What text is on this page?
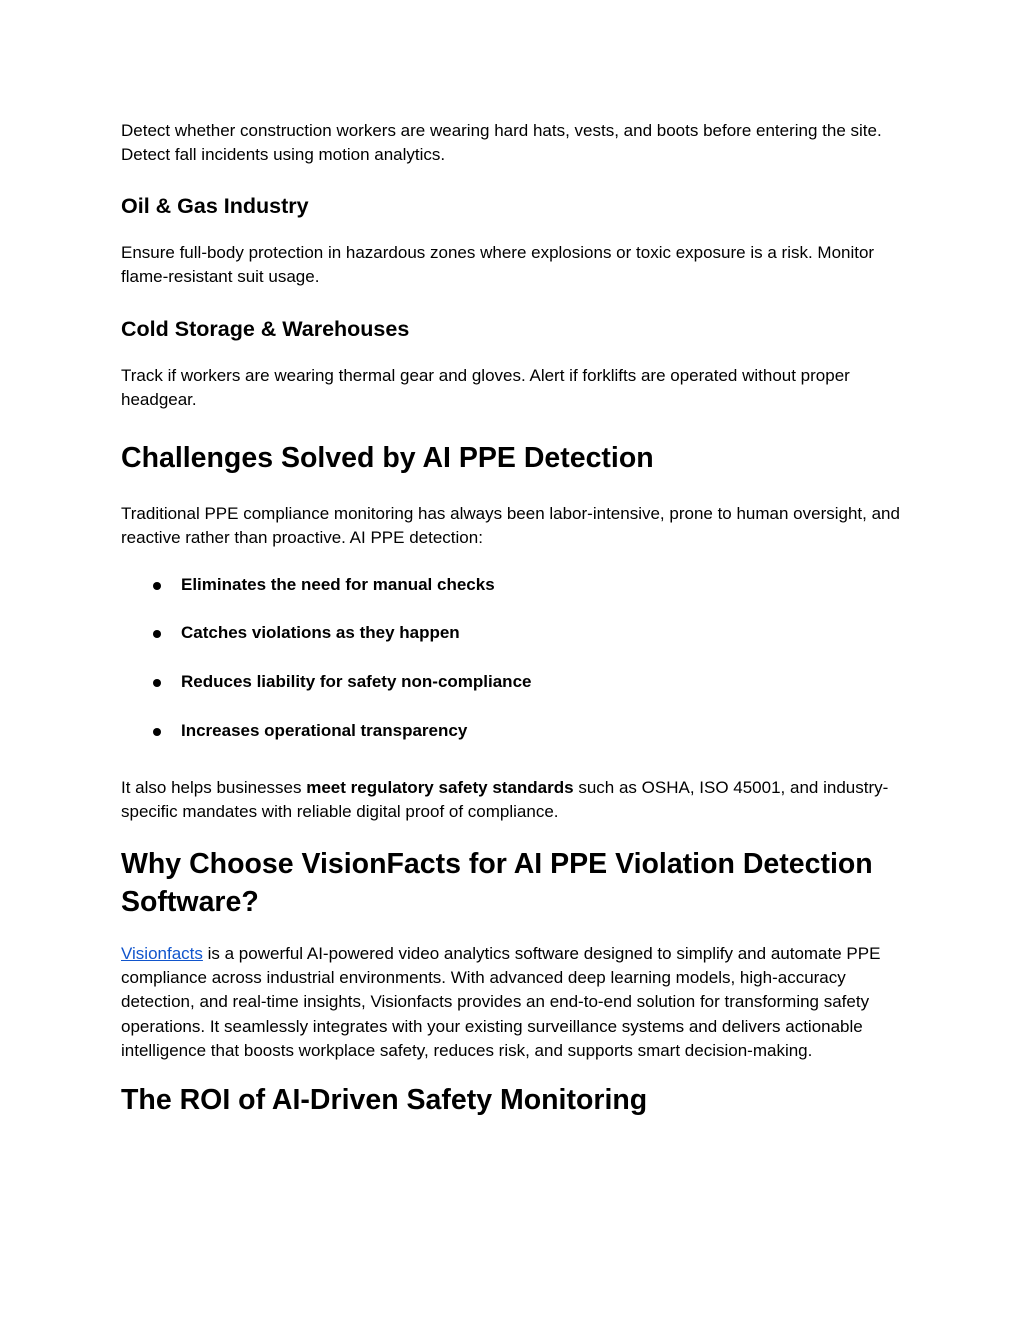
Detect whether construction workers are wearing hard hats, vests, and boots before entering the site. Detect fall incidents using motion analytics.

Oil & Gas Industry

Ensure full-body protection in hazardous zones where explosions or toxic exposure is a risk. Monitor flame-resistant suit usage.

Cold Storage & Warehouses

Track if workers are wearing thermal gear and gloves. Alert if forklifts are operated without proper headgear.

Challenges Solved by AI PPE Detection

Traditional PPE compliance monitoring has always been labor-intensive, prone to human oversight, and reactive rather than proactive. AI PPE detection:

Eliminates the need for manual checks
Catches violations as they happen
Reduces liability for safety non-compliance
Increases operational transparency

It also helps businesses meet regulatory safety standards such as OSHA, ISO 45001, and industry-specific mandates with reliable digital proof of compliance.

Why Choose VisionFacts for AI PPE Violation Detection Software?

Visionfacts is a powerful AI-powered video analytics software designed to simplify and automate PPE compliance across industrial environments. With advanced deep learning models, high-accuracy detection, and real-time insights, Visionfacts provides an end-to-end solution for transforming safety operations. It seamlessly integrates with your existing surveillance systems and delivers actionable intelligence that boosts workplace safety, reduces risk, and supports smart decision-making.

The ROI of AI-Driven Safety Monitoring
